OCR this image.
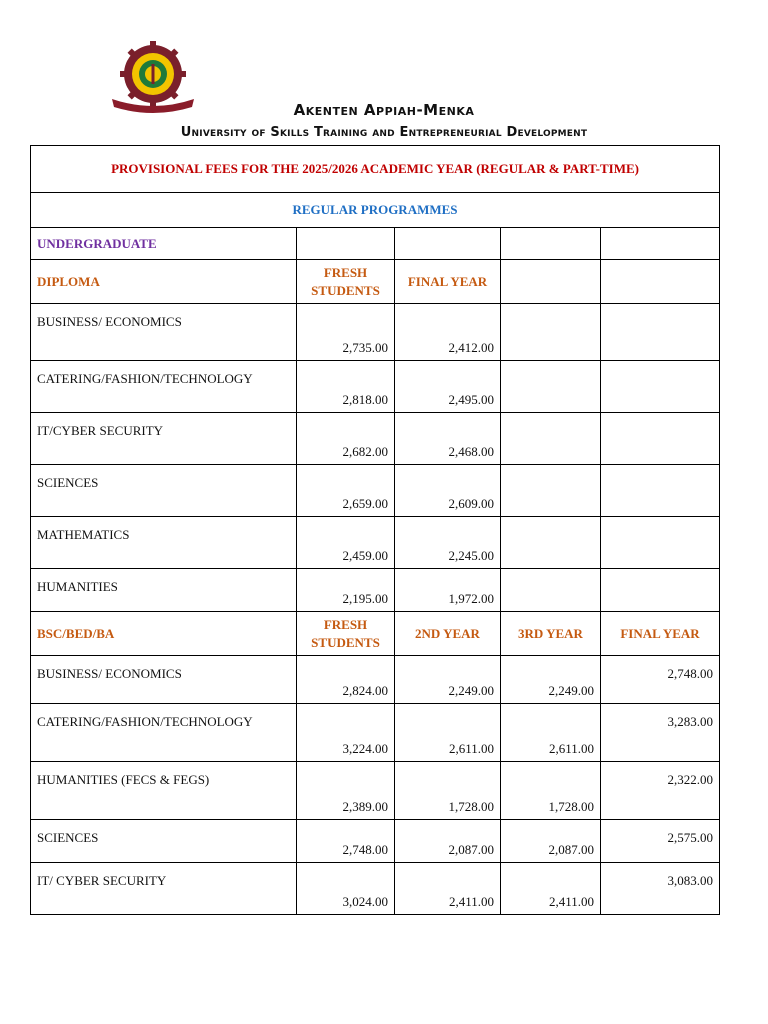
Akenten Appiah-Menka
University of Skills Training and Entrepreneurial Development
PROVISIONAL FEES FOR THE 2025/2026 ACADEMIC YEAR (REGULAR & PART-TIME)				
REGULAR PROGRAMMES				
UNDERGRADUATE				
DIPLOMA	FRESH STUDENTS	FINAL YEAR		
BUSINESS/ ECONOMICS	2,735.00	2,412.00		
CATERING/FASHION/TECHNOLOGY	2,818.00	2,495.00		
IT/CYBER SECURITY	2,682.00	2,468.00		
SCIENCES	2,659.00	2,609.00		
MATHEMATICS	2,459.00	2,245.00		
HUMANITIES	2,195.00	1,972.00		
BSC/BED/BA	FRESH STUDENTS	2ND YEAR	3RD YEAR	FINAL YEAR
BUSINESS/ ECONOMICS	2,824.00	2,249.00	2,249.00	2,748.00
CATERING/FASHION/TECHNOLOGY	3,224.00	2,611.00	2,611.00	3,283.00
HUMANITIES (FECS & FEGS)	2,389.00	1,728.00	1,728.00	2,322.00
SCIENCES	2,748.00	2,087.00	2,087.00	2,575.00
IT/ CYBER SECURITY	3,024.00	2,411.00	2,411.00	3,083.00
